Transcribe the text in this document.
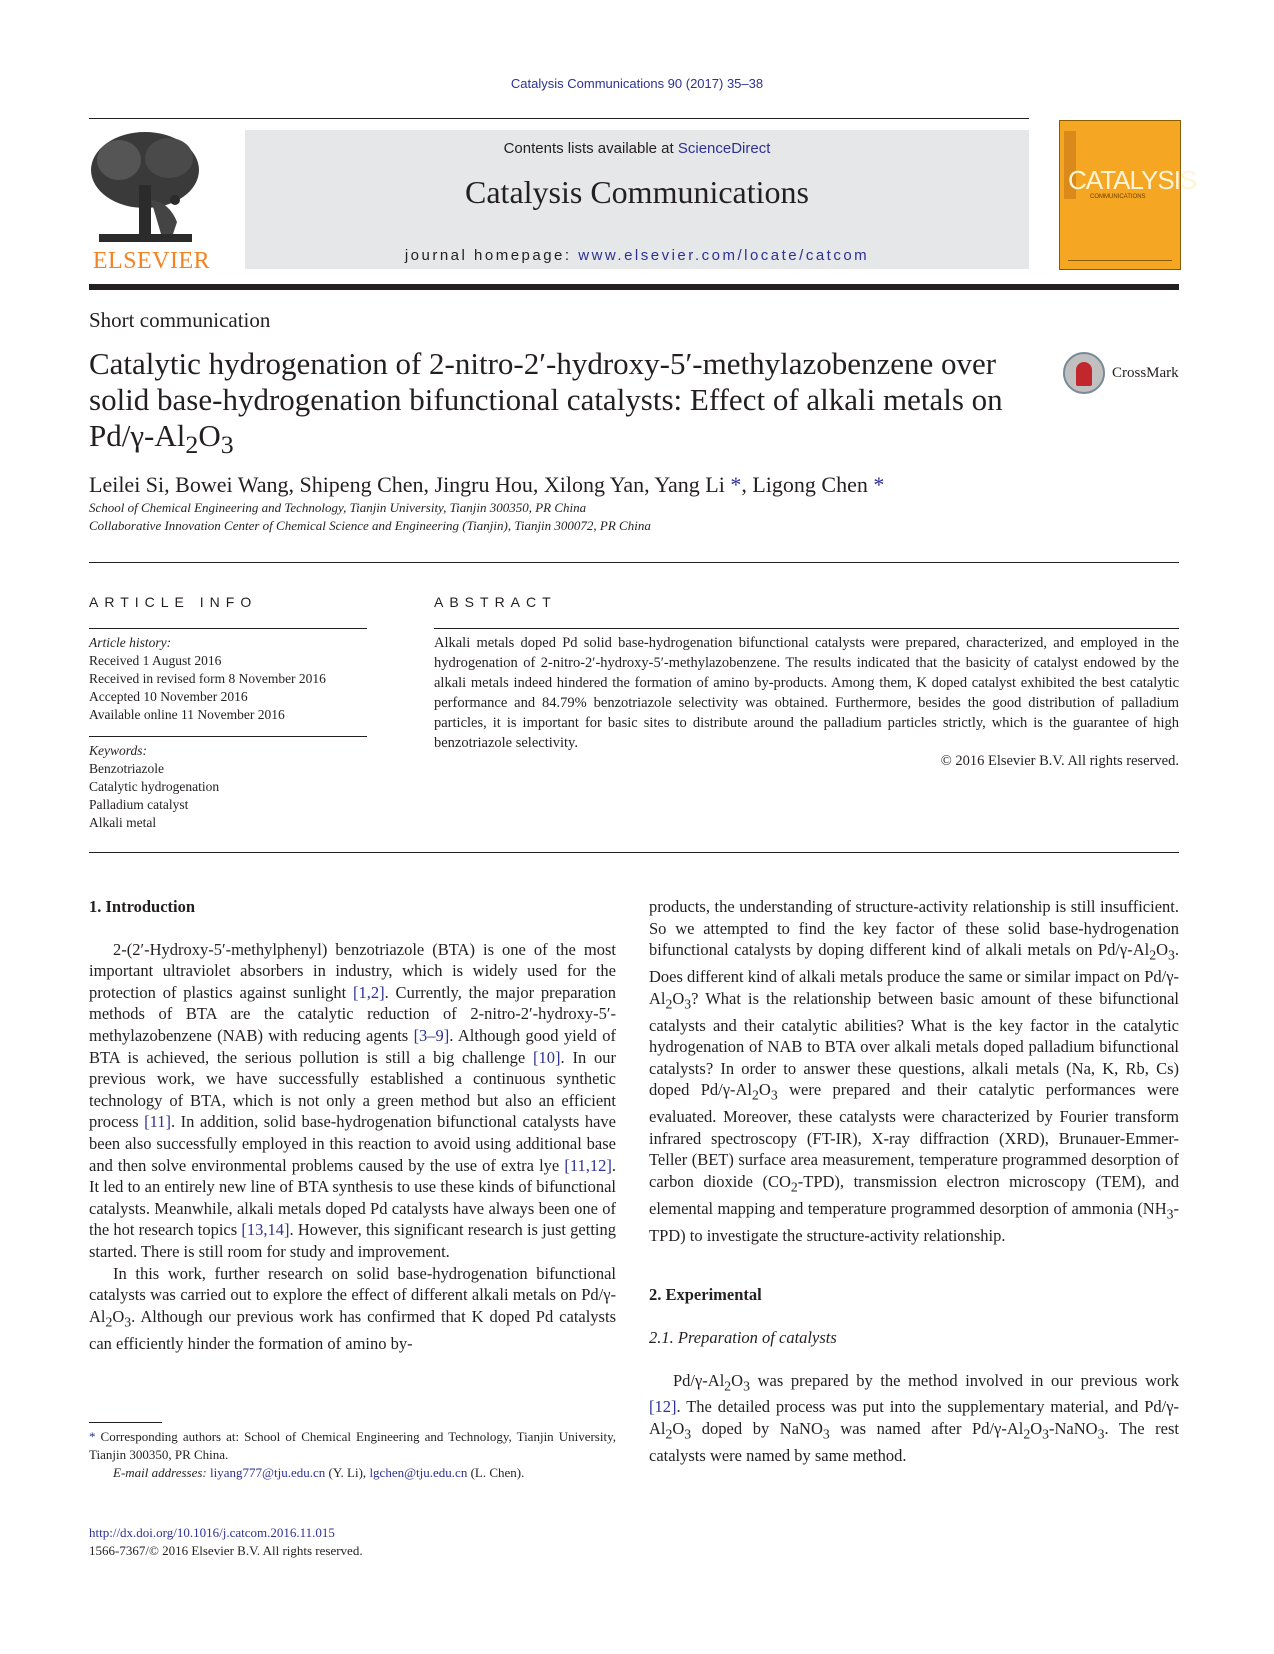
Catalysis Communications 90 (2017) 35–38
ELSEVIER
Contents lists available at ScienceDirect
Catalysis Communications
journal homepage: www.elsevier.com/locate/catcom
CATALYSIS
COMMUNICATIONS
Short communication
Catalytic hydrogenation of 2-nitro-2′-hydroxy-5′-methylazobenzene over solid base-hydrogenation bifunctional catalysts: Effect of alkali metals on $Pd/\gamma-Al_2O_3$
CrossMark
Leilei Si, Bowei Wang, Shipeng Chen, Jingru Hou, Xilong Yan, Yang Li *, Ligong Chen *
School of Chemical Engineering and Technology, Tianjin University, Tianjin 300350, PR China
Collaborative Innovation Center of Chemical Science and Engineering (Tianjin), Tianjin 300072, PR China
ARTICLE INFO
Article history:
Received 1 August 2016
Received in revised form 8 November 2016
Accepted 10 November 2016
Available online 11 November 2016
Keywords:
Benzotriazole
Catalytic hydrogenation
Palladium catalyst
Alkali metal
ABSTRACT
Alkali metals doped Pd solid base-hydrogenation bifunctional catalysts were prepared, characterized, and employed in the hydrogenation of 2-nitro-2′-hydroxy-5′-methylazobenzene. The results indicated that the basicity of catalyst endowed by the alkali metals indeed hindered the formation of amino by-products. Among them, K doped catalyst exhibited the best catalytic performance and 84.79% benzotriazole selectivity was obtained. Furthermore, besides the good distribution of palladium particles, it is important for basic sites to distribute around the palladium particles strictly, which is the guarantee of high benzotriazole selectivity.
© 2016 Elsevier B.V. All rights reserved.

1. Introduction

2-(2′-Hydroxy-5′-methylphenyl) benzotriazole (BTA) is one of the most important ultraviolet absorbers in industry, which is widely used for the protection of plastics against sunlight [1,2]. Currently, the major preparation methods of BTA are the catalytic reduction of 2-nitro-2′-hydroxy-5′-methylazobenzene (NAB) with reducing agents [3–9]. Although good yield of BTA is achieved, the serious pollution is still a big challenge [10]. In our previous work, we have successfully established a continuous synthetic technology of BTA, which is not only a green method but also an efficient process [11]. In addition, solid base-hydrogenation bifunctional catalysts have been also successfully employed in this reaction to avoid using additional base and then solve environmental problems caused by the use of extra lye [11,12]. It led to an entirely new line of BTA synthesis to use these kinds of bifunctional catalysts. Meanwhile, alkali metals doped Pd catalysts have always been one of the hot research topics [13,14]. However, this significant research is just getting started. There is still room for study and improvement.

In this work, further research on solid base-hydrogenation bifunctional catalysts was carried out to explore the effect of different alkali metals on $Pd/\gamma-Al_2O_3$. Although our previous work has confirmed that K doped Pd catalysts can efficiently hinder the formation of amino by-

products, the understanding of structure-activity relationship is still insufficient. So we attempted to find the key factor of these solid base-hydrogenation bifunctional catalysts by doping different kind of alkali metals on $Pd/\gamma-Al_2O_3$. Does different kind of alkali metals produce the same or similar impact on $Pd/\gamma-Al_2O_3$? What is the relationship between basic amount of these bifunctional catalysts and their catalytic abilities? What is the key factor in the catalytic hydrogenation of NAB to BTA over alkali metals doped palladium bifunctional catalysts? In order to answer these questions, alkali metals (Na, K, Rb, Cs) doped $Pd/\gamma-Al_2O_3$ were prepared and their catalytic performances were evaluated. Moreover, these catalysts were characterized by Fourier transform infrared spectroscopy (FT-IR), X-ray diffraction (XRD), Brunauer-Emmer-Teller (BET) surface area measurement, temperature programmed desorption of carbon dioxide $(CO_2-TPD)$, transmission electron microscopy (TEM), and elemental mapping and temperature programmed desorption of ammonia $(NH_3-TPD)$ to investigate the structure-activity relationship.

2. Experimental

2.1. Preparation of catalysts

$Pd/\gamma-Al_2O_3$ was prepared by the method involved in our previous work [12]. The detailed process was put into the supplementary material, and $Pd/\gamma-Al_2O_3$ doped by NaNO$_3$ was named after $Pd/\gamma-Al_2O_3-NaNO_3$. The rest catalysts were named by same method.

* Corresponding authors at: School of Chemical Engineering and Technology, Tianjin University, Tianjin 300350, PR China.
E-mail addresses: liyang777@tju.edu.cn (Y. Li), lgchen@tju.edu.cn (L. Chen).
http://dx.doi.org/10.1016/j.catcom.2016.11.015
1566-7367/© 2016 Elsevier B.V. All rights reserved.
